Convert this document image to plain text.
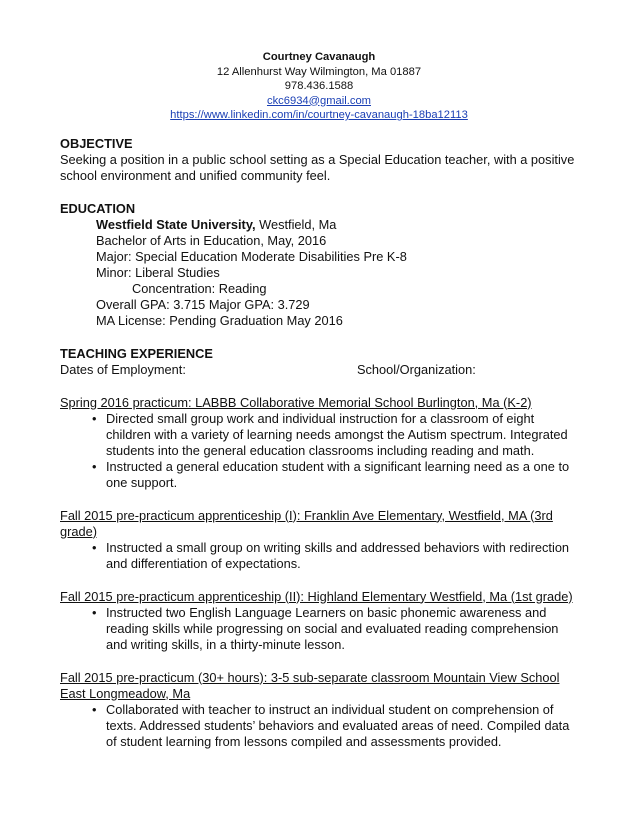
Courtney Cavanaugh
12 Allenhurst Way Wilmington, Ma 01887
978.436.1588
ckc6934@gmail.com
https://www.linkedin.com/in/courtney-cavanaugh-18ba12113
OBJECTIVE
Seeking a position in a public school setting as a Special Education teacher, with a positive school environment and unified community feel.
EDUCATION
Westfield State University, Westfield, Ma
Bachelor of Arts in Education, May, 2016
Major: Special Education Moderate Disabilities Pre K-8
Minor: Liberal Studies
Concentration: Reading
Overall GPA: 3.715 Major GPA: 3.729
MA License: Pending Graduation May 2016
TEACHING EXPERIENCE
Dates of Employment:	School/Organization:
Spring 2016 practicum: LABBB Collaborative Memorial School Burlington, Ma (K-2)
• Directed small group work and individual instruction for a classroom of eight children with a variety of learning needs amongst the Autism spectrum. Integrated students into the general education classrooms including reading and math.
• Instructed a general education student with a significant learning need as a one to one support.
Fall 2015 pre-practicum apprenticeship (I): Franklin Ave Elementary, Westfield, MA (3rd grade)
• Instructed a small group on writing skills and addressed behaviors with redirection and differentiation of expectations.
Fall 2015 pre-practicum apprenticeship (II): Highland Elementary Westfield, Ma (1st grade)
• Instructed two English Language Learners on basic phonemic awareness and reading skills while progressing on social and evaluated reading comprehension and writing skills, in a thirty-minute lesson.
Fall 2015 pre-practicum (30+ hours): 3-5 sub-separate classroom Mountain View School East Longmeadow, Ma
• Collaborated with teacher to instruct an individual student on comprehension of texts. Addressed students’ behaviors and evaluated areas of need. Compiled data of student learning from lessons compiled and assessments provided.
